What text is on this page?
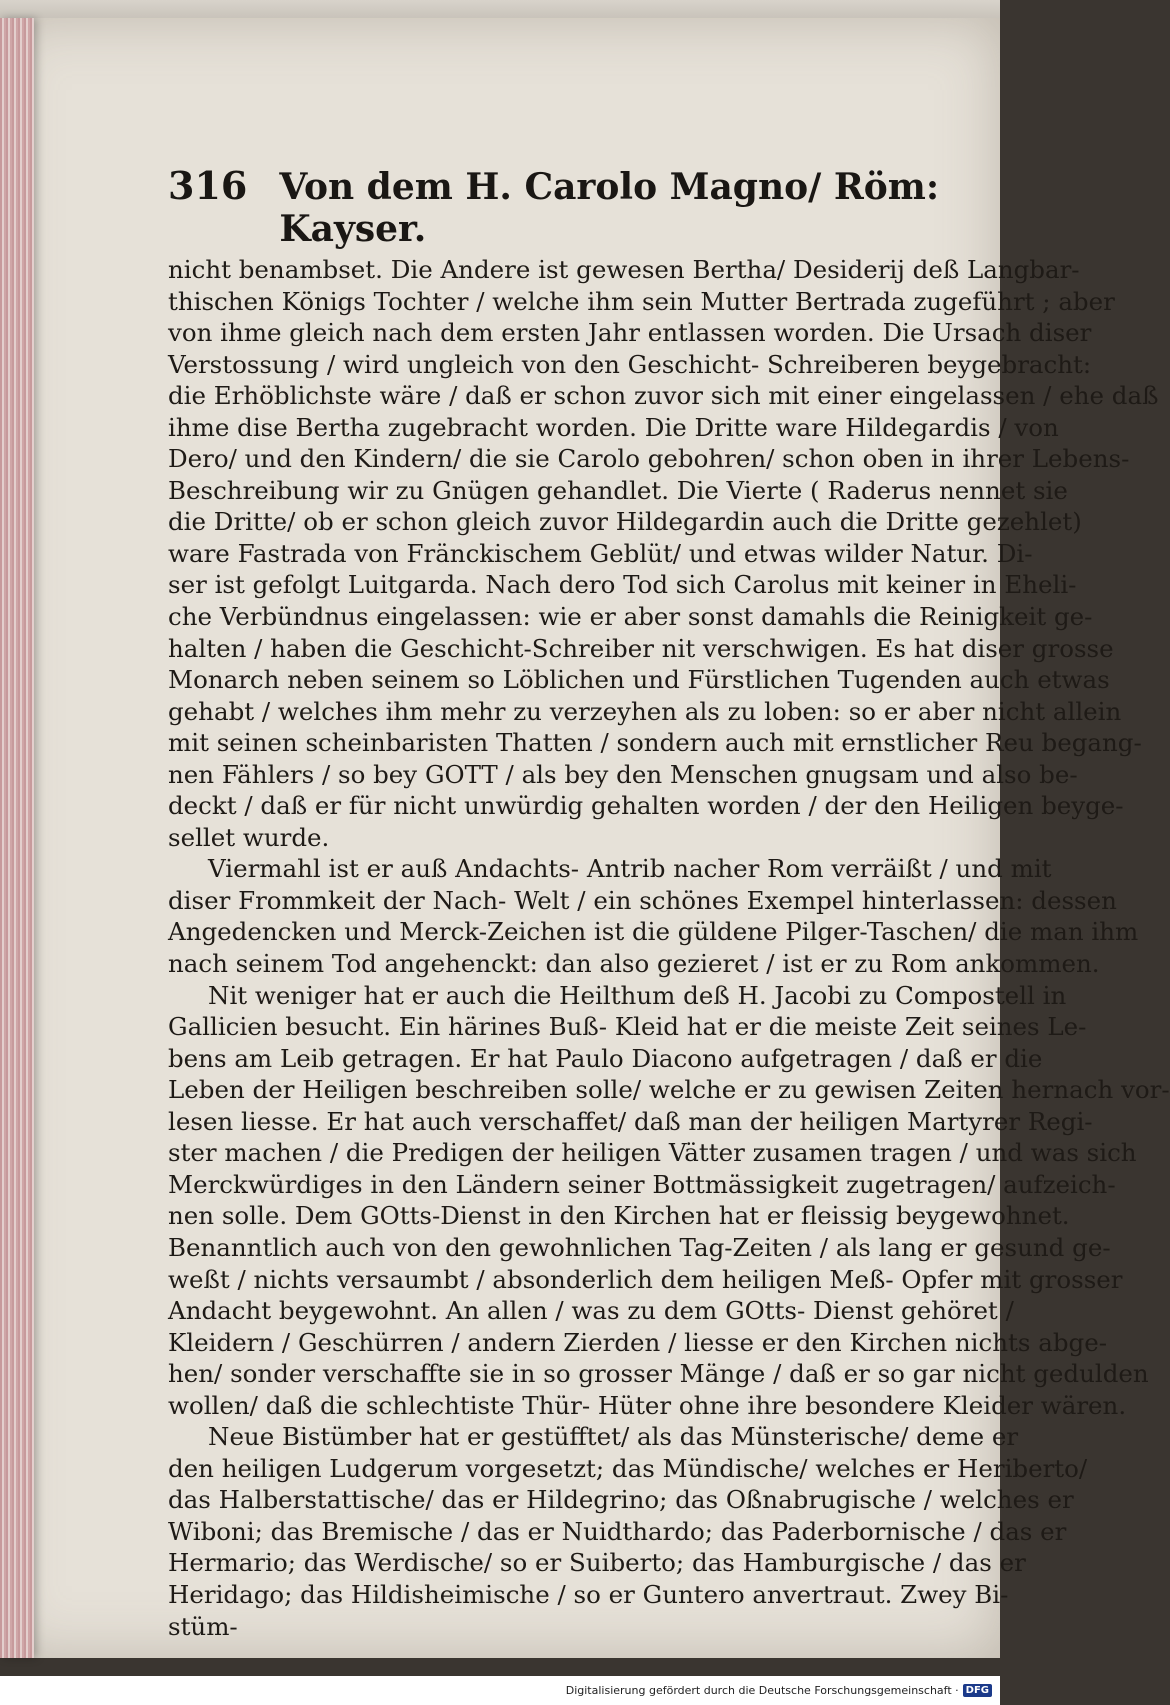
316 Von dem H. Carolo Magno/ Röm: Kayser.
nicht benambset. Die Andere ist gewesen Bertha/ Desiderij deß Langbar-
thischen Königs Tochter / welche ihm sein Mutter Bertrada zugeführt ; aber
von ihme gleich nach dem ersten Jahr entlassen worden. Die Ursach diser
Verstossung / wird ungleich von den Geschicht- Schreiberen beygebracht:
die Erhöblichste wäre / daß er schon zuvor sich mit einer eingelassen / ehe daß
ihme dise Bertha zugebracht worden. Die Dritte ware Hildegardis / von
Dero/ und den Kindern/ die sie Carolo gebohren/ schon oben in ihrer Lebens-
Beschreibung wir zu Gnügen gehandlet. Die Vierte ( Raderus nennet sie
die Dritte/ ob er schon gleich zuvor Hildegardin auch die Dritte gezehlet)
ware Fastrada von Fränckischem Geblüt/ und etwas wilder Natur. Di-
ser ist gefolgt Luitgarda. Nach dero Tod sich Carolus mit keiner in Eheli-
che Verbündnus eingelassen: wie er aber sonst damahls die Reinigkeit ge-
halten / haben die Geschicht-Schreiber nit verschwigen. Es hat diser grosse
Monarch neben seinem so Löblichen und Fürstlichen Tugenden auch etwas
gehabt / welches ihm mehr zu verzeyhen als zu loben: so er aber nicht allein
mit seinen scheinbaristen Thatten / sondern auch mit ernstlicher Reu begang-
nen Fählers / so bey GOTT / als bey den Menschen gnugsam und also be-
deckt / daß er für nicht unwürdig gehalten worden / der den Heiligen beyge-
sellet wurde.
Viermahl ist er auß Andachts- Antrib nacher Rom verräißt / und mit
diser Frommkeit der Nach- Welt / ein schönes Exempel hinterlassen: dessen
Angedencken und Merck-Zeichen ist die güldene Pilger-Taschen/ die man ihm
nach seinem Tod angehenckt: dan also gezieret / ist er zu Rom ankommen.
Nit weniger hat er auch die Heilthum deß H. Jacobi zu Compostell in
Gallicien besucht. Ein härines Buß- Kleid hat er die meiste Zeit seines Le-
bens am Leib getragen. Er hat Paulo Diacono aufgetragen / daß er die
Leben der Heiligen beschreiben solle/ welche er zu gewisen Zeiten hernach vor-
lesen liesse. Er hat auch verschaffet/ daß man der heiligen Martyrer Regi-
ster machen / die Predigen der heiligen Vätter zusamen tragen / und was sich
Merckwürdiges in den Ländern seiner Bottmässigkeit zugetragen/ aufzeich-
nen solle. Dem GOtts-Dienst in den Kirchen hat er fleissig beygewohnet.
Benanntlich auch von den gewohnlichen Tag-Zeiten / als lang er gesund ge-
weßt / nichts versaumbt / absonderlich dem heiligen Meß- Opfer mit grosser
Andacht beygewohnt. An allen / was zu dem GOtts- Dienst gehöret /
Kleidern / Geschürren / andern Zierden / liesse er den Kirchen nichts abge-
hen/ sonder verschaffte sie in so grosser Mänge / daß er so gar nicht gedulden
wollen/ daß die schlechtiste Thür- Hüter ohne ihre besondere Kleider wären.
Neue Bistümber hat er gestüfftet/ als das Münsterische/ deme er
den heiligen Ludgerum vorgesetzt; das Mündische/ welches er Heriberto/
das Halberstattische/ das er Hildegrino; das Oßnabrugische / welches er
Wiboni; das Bremische / das er Nuidthardo; das Paderbornische / das er
Hermario; das Werdische/ so er Suiberto; das Hamburgische / das er
Heridago; das Hildisheimische / so er Guntero anvertraut. Zwey Bi-
stüm-
Digitalisierung gefördert durch die Deutsche Forschungsgemeinschaft · DFG
